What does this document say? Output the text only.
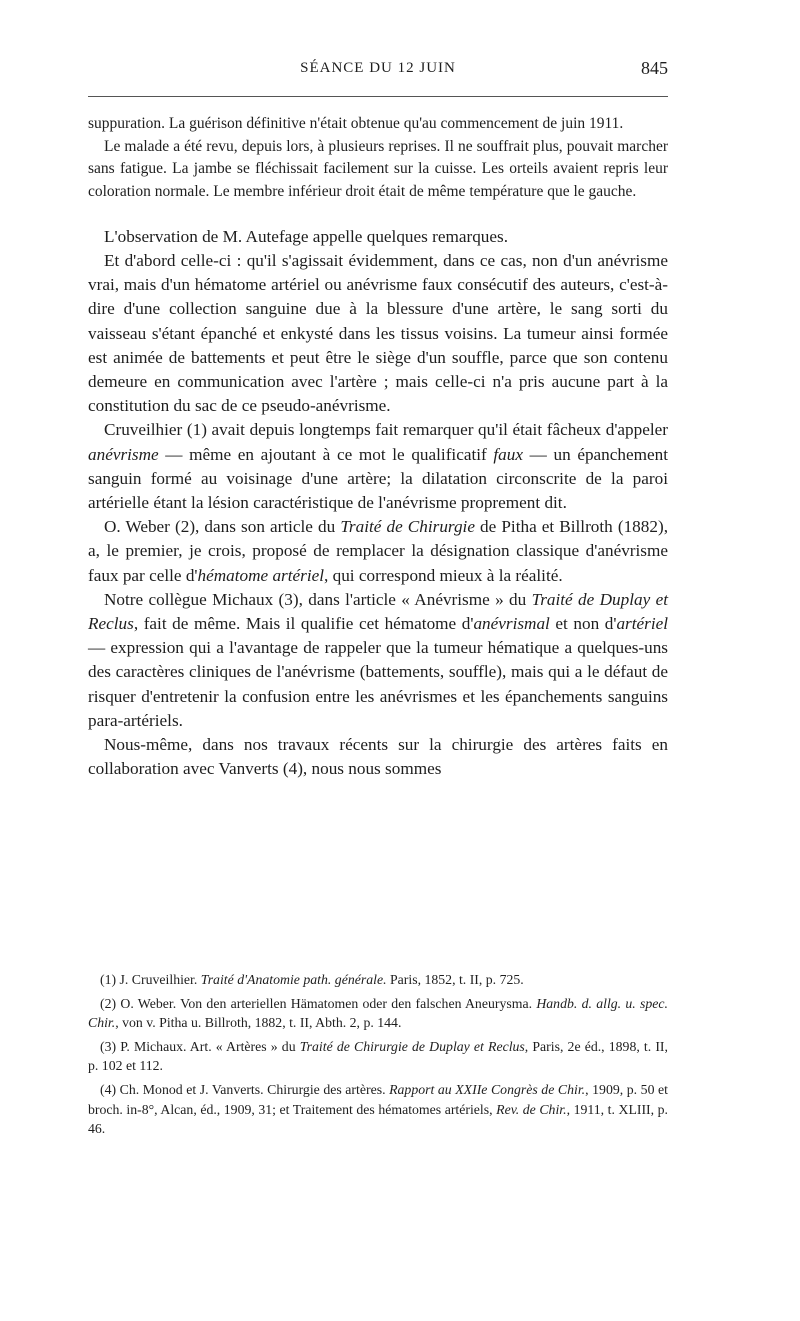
SÉANCE DU 12 JUIN	845

suppuration. La guérison définitive n'était obtenue qu'au commencement de juin 1911.

Le malade a été revu, depuis lors, à plusieurs reprises. Il ne souffrait plus, pouvait marcher sans fatigue. La jambe se fléchissait facilement sur la cuisse. Les orteils avaient repris leur coloration normale. Le membre inférieur droit était de même température que le gauche.

L'observation de M. Autefage appelle quelques remarques.

Et d'abord celle-ci : qu'il s'agissait évidemment, dans ce cas, non d'un anévrisme vrai, mais d'un hématome artériel ou anévrisme faux consécutif des auteurs, c'est-à-dire d'une collection sanguine due à la blessure d'une artère, le sang sorti du vaisseau s'étant épanché et enkysté dans les tissus voisins. La tumeur ainsi formée est animée de battements et peut être le siège d'un souffle, parce que son contenu demeure en communication avec l'artère ; mais celle-ci n'a pris aucune part à la constitution du sac de ce pseudo-anévrisme.

Cruveilhier (1) avait depuis longtemps fait remarquer qu'il était fâcheux d'appeler anévrisme — même en ajoutant à ce mot le qualificatif faux — un épanchement sanguin formé au voisinage d'une artère; la dilatation circonscrite de la paroi artérielle étant la lésion caractéristique de l'anévrisme proprement dit.

O. Weber (2), dans son article du Traité de Chirurgie de Pitha et Billroth (1882), a, le premier, je crois, proposé de remplacer la désignation classique d'anévrisme faux par celle d'hématome artériel, qui correspond mieux à la réalité.

Notre collègue Michaux (3), dans l'article « Anévrisme » du Traité de Duplay et Reclus, fait de même. Mais il qualifie cet hématome d'anévrismal et non d'artériel — expression qui a l'avantage de rappeler que la tumeur hématique a quelques-uns des caractères cliniques de l'anévrisme (battements, souffle), mais qui a le défaut de risquer d'entretenir la confusion entre les anévrismes et les épanchements sanguins para-artériels.

Nous-même, dans nos travaux récents sur la chirurgie des artères faits en collaboration avec Vanverts (4), nous nous sommes

(1) J. Cruveilhier. Traité d'Anatomie path. générale. Paris, 1852, t. II, p. 725.

(2) O. Weber. Von den arteriellen Hämatomen oder den falschen Aneurysma. Handb. d. allg. u. spec. Chir., von v. Pitha u. Billroth, 1882, t. II, Abth. 2, p. 144.

(3) P. Michaux. Art. « Artères » du Traité de Chirurgie de Duplay et Reclus, Paris, 2e éd., 1898, t. II, p. 102 et 112.

(4) Ch. Monod et J. Vanverts. Chirurgie des artères. Rapport au XXIIe Congrès de Chir., 1909, p. 50 et broch. in-8°, Alcan, éd., 1909, 31; et Traitement des hématomes artériels, Rev. de Chir., 1911, t. XLIII, p. 46.
